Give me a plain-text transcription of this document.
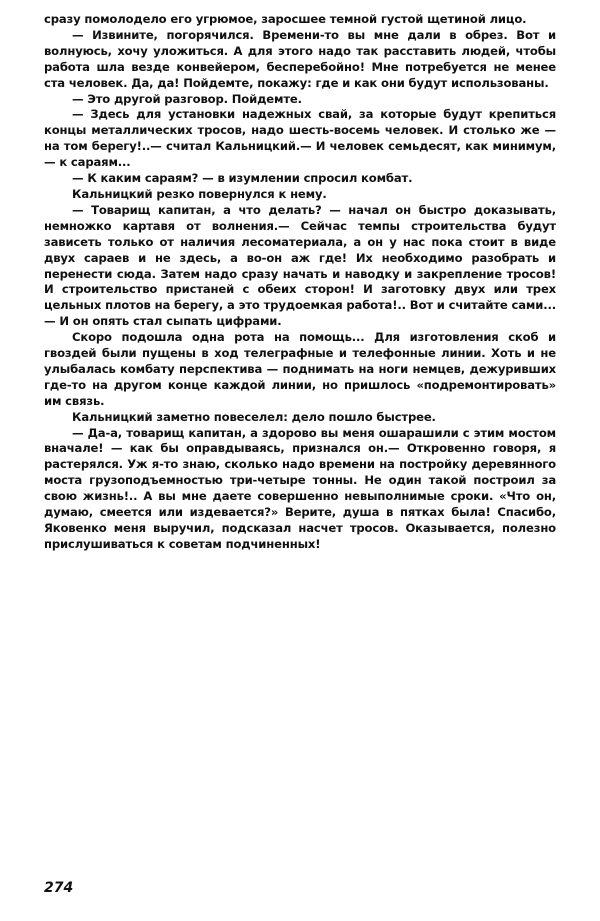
сразу помолодело его угрюмое, заросшее темной густой щетиной лицо.

— Извините, погорячился. Времени-то вы мне дали в обрез. Вот и волнуюсь, хочу уложиться. А для этого надо так расставить людей, чтобы работа шла везде конвейером, бесперебойно! Мне потребуется не менее ста человек. Да, да! Пойдемте, покажу: где и как они будут использованы.

— Это другой разговор. Пойдемте.

— Здесь для установки надежных свай, за которые будут крепиться концы металлических тросов, надо шесть-восемь человек. И столько же — на том берегу!..— считал Кальницкий.— И человек семьдесят, как минимум,— к сараям...

— К каким сараям? — в изумлении спросил комбат.

Кальницкий резко повернулся к нему.

— Товарищ капитан, а что делать? — начал он быстро доказывать, немножко картавя от волнения.— Сейчас темпы строительства будут зависеть только от наличия лесоматериала, а он у нас пока стоит в виде двух сараев и не здесь, а во-он аж где! Их необходимо разобрать и перенести сюда. Затем надо сразу начать и наводку и закрепление тросов! И строительство пристаней с обеих сторон! И заготовку двух или трех цельных плотов на берегу, а это трудоемкая работа!.. Вот и считайте сами...— И он опять стал сыпать цифрами.

Скоро подошла одна рота на помощь... Для изготовления скоб и гвоздей были пущены в ход телеграфные и телефонные линии. Хоть и не улыбалась комбату перспектива — поднимать на ноги немцев, дежуривших где-то на другом конце каждой линии, но пришлось «подремонтировать» им связь.

Кальницкий заметно повеселел: дело пошло быстрее.

— Да-а, товарищ капитан, а здорово вы меня ошарашили с этим мостом вначале! — как бы оправдываясь, признался он.— Откровенно говоря, я растерялся. Уж я-то знаю, сколько надо времени на постройку деревянного моста грузоподъемностью три-четыре тонны. Не один такой построил за свою жизнь!.. А вы мне даете совершенно невыполнимые сроки. «Что он, думаю, смеется или издевается?» Верите, душа в пятках была! Спасибо, Яковенко меня выручил, подсказал насчет тросов. Оказывается, полезно прислушиваться к советам подчиненных!

274
